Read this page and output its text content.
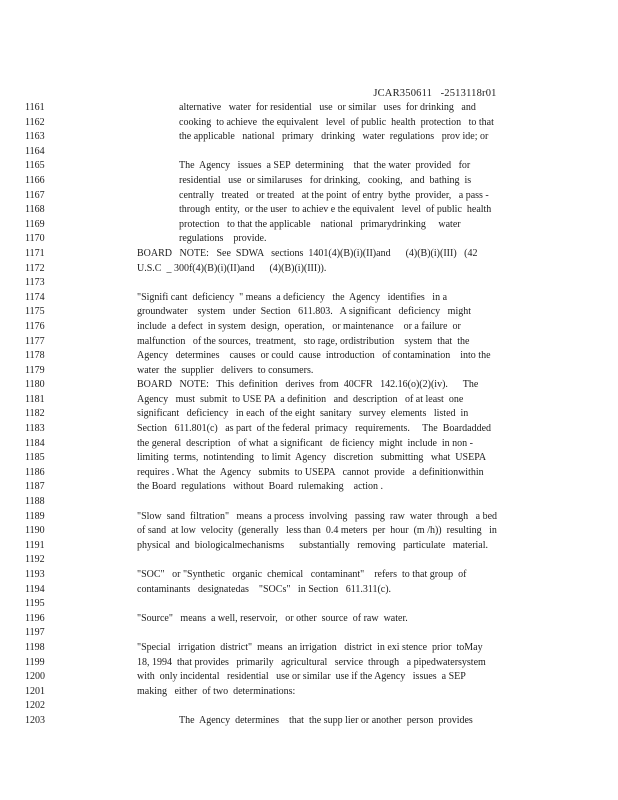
JCAR350611   -2513118r01

1161	alternative   water  for residential   use  or similar   uses  for drinking   and
1162	cooking  to achieve  the equivalent   level  of public  health  protection   to that
1163	the applicable   national   primary   drinking   water  regulations   prov ide; or
1164
1165	The  Agency   issues  a SEP  determining    that  the water  provided   for
1166	residential   use  or similaruses   for drinking,   cooking,   and  bathing  is
1167	centrally   treated   or treated   at the point  of entry  bythe  provider,   a pass -
1168	through  entity,  or the user  to achiev e the equivalent   level  of public  health
1169	protection   to that the applicable    national   primarydrinking     water
1170	regulations    provide.
1171	BOARD   NOTE:   See  SDWA   sections  1401(4)(B)(i)(II)and      (4)(B)(i)(III)   (42
1172	U.S.C  _ 300f(4)(B)(i)(II)and      (4)(B)(i)(III)).
1173
1174	"Signifi cant  deficiency  " means  a deficiency   the  Agency   identifies   in a
1175	groundwater    system   under  Section   611.803.   A significant   deficiency   might
1176	include  a defect  in system  design,  operation,   or maintenance    or a failure  or
1177	malfunction   of the sources,  treatment,   sto rage, ordistribution    system  that  the
1178	Agency   determines    causes  or could  cause  introduction   of contamination    into the
1179	water  the  supplier   delivers  to consumers.
1180	BOARD   NOTE:   This  definition   derives  from  40CFR   142.16(o)(2)(iv).      The
1181	Agency   must  submit  to USE PA  a definition   and  description   of at least  one
1182	significant   deficiency   in each  of the eight  sanitary   survey  elements   listed  in
1183	Section   611.801(c)   as part  of the federal  primacy   requirements.     The  Boardadded
1184	the general  description   of what  a significant   de ficiency  might  include  in non -
1185	limiting  terms,  notintending   to limit  Agency   discretion   submitting   what  USEPA
1186	requires . What  the  Agency   submits  to USEPA   cannot  provide   a definitionwithin
1187	the Board  regulations   without  Board  rulemaking    action .
1188
1189	"Slow  sand  filtration"   means  a process  involving   passing  raw  water  through   a bed
1190	of sand  at low  velocity  (generally   less than  0.4 meters  per  hour  (m /h))  resulting   in
1191	physical  and  biologicalmechanisms      substantially   removing   particulate   material.
1192
1193	"SOC"   or "Synthetic   organic  chemical   contaminant"    refers  to that group  of
1194	contaminants   designatedas    "SOCs"   in Section   611.311(c).
1195
1196	"Source"   means  a well, reservoir,   or other  source  of raw  water.
1197
1198	"Special   irrigation  district"  means  an irrigation   district  in exi stence  prior  toMay
1199	18, 1994  that provides   primarily   agricultural   service  through   a pipedwatersystem
1200	with  only incidental   residential   use or similar  use if the Agency   issues  a SEP
1201	making   either  of two  determinations:
1202
1203	The  Agency  determines    that  the supp lier or another  person  provides
